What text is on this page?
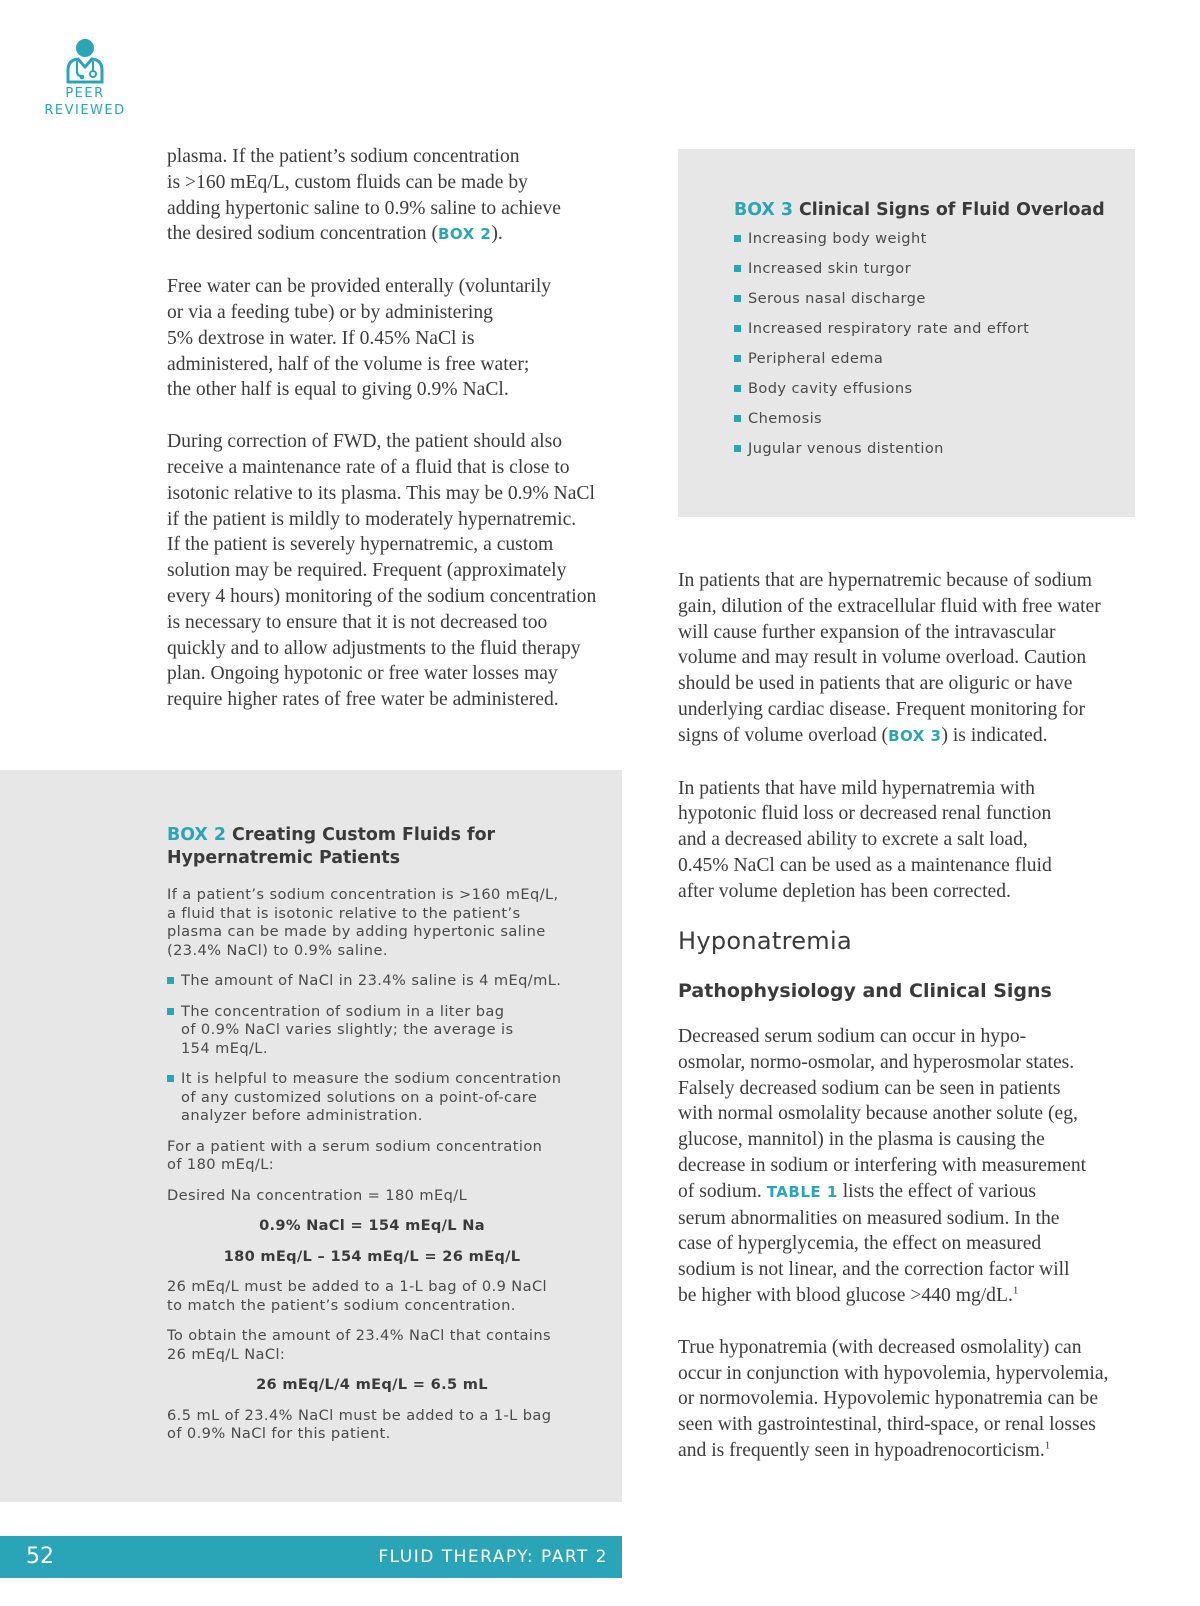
PEER
REVIEWED

plasma. If the patient’s sodium concentration
is >160 mEq/L, custom fluids can be made by
adding hypertonic saline to 0.9% saline to achieve
the desired sodium concentration (BOX 2).

Free water can be provided enterally (voluntarily
or via a feeding tube) or by administering
5% dextrose in water. If 0.45% NaCl is
administered, half of the volume is free water;
the other half is equal to giving 0.9% NaCl.

During correction of FWD, the patient should also
receive a maintenance rate of a fluid that is close to
isotonic relative to its plasma. This may be 0.9% NaCl
if the patient is mildly to moderately hypernatremic.
If the patient is severely hypernatremic, a custom
solution may be required. Frequent (approximately
every 4 hours) monitoring of the sodium concentration
is necessary to ensure that it is not decreased too
quickly and to allow adjustments to the fluid therapy
plan. Ongoing hypotonic or free water losses may
require higher rates of free water be administered.

BOX 3 Clinical Signs of Fluid Overload
Increasing body weight
Increased skin turgor
Serous nasal discharge
Increased respiratory rate and effort
Peripheral edema
Body cavity effusions
Chemosis
Jugular venous distention

In patients that are hypernatremic because of sodium
gain, dilution of the extracellular fluid with free water
will cause further expansion of the intravascular
volume and may result in volume overload. Caution
should be used in patients that are oliguric or have
underlying cardiac disease. Frequent monitoring for
signs of volume overload (BOX 3) is indicated.

In patients that have mild hypernatremia with
hypotonic fluid loss or decreased renal function
and a decreased ability to excrete a salt load,
0.45% NaCl can be used as a maintenance fluid
after volume depletion has been corrected.

Hyponatremia
Pathophysiology and Clinical Signs

Decreased serum sodium can occur in hypo-
osmolar, normo-osmolar, and hyperosmolar states.
Falsely decreased sodium can be seen in patients
with normal osmolality because another solute (eg,
glucose, mannitol) in the plasma is causing the
decrease in sodium or interfering with measurement
of sodium. TABLE 1 lists the effect of various
serum abnormalities on measured sodium. In the
case of hyperglycemia, the effect on measured
sodium is not linear, and the correction factor will
be higher with blood glucose >440 mg/dL.$^1$

True hyponatremia (with decreased osmolality) can
occur in conjunction with hypovolemia, hypervolemia,
or normovolemia. Hypovolemic hyponatremia can be
seen with gastrointestinal, third-space, or renal losses
and is frequently seen in hypoadrenocorticism.$^1$

BOX 2 Creating Custom Fluids for
Hypernatremic Patients

If a patient’s sodium concentration is >160 mEq/L,
a fluid that is isotonic relative to the patient’s
plasma can be made by adding hypertonic saline
(23.4% NaCl) to 0.9% saline.

The amount of NaCl in 23.4% saline is 4 mEq/mL.
The concentration of sodium in a liter bag
of 0.9% NaCl varies slightly; the average is
154 mEq/L.
It is helpful to measure the sodium concentration
of any customized solutions on a point-of-care
analyzer before administration.

For a patient with a serum sodium concentration
of 180 mEq/L:

Desired Na concentration = 180 mEq/L

0.9% NaCl = 154 mEq/L Na

180 mEq/L – 154 mEq/L = 26 mEq/L

26 mEq/L must be added to a 1-L bag of 0.9 NaCl
to match the patient’s sodium concentration.

To obtain the amount of 23.4% NaCl that contains
26 mEq/L NaCl:

26 mEq/L/4 mEq/L = 6.5 mL

6.5 mL of 23.4% NaCl must be added to a 1-L bag
of 0.9% NaCl for this patient.

52	FLUID THERAPY: PART 2
